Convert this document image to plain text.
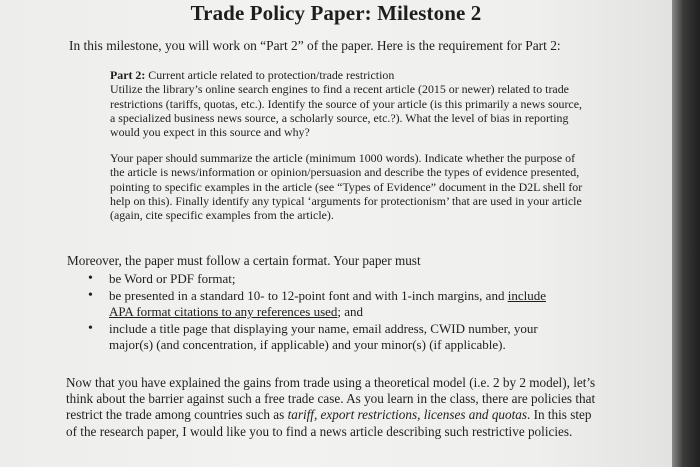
Trade Policy Paper: Milestone 2
In this milestone, you will work on “Part 2” of the paper. Here is the requirement for Part 2:
Part 2: Current article related to protection/trade restriction
Utilize the library’s online search engines to find a recent article (2015 or newer) related to trade restrictions (tariffs, quotas, etc.). Identify the source of your article (is this primarily a news source, a specialized business news source, a scholarly source, etc.?). What the level of bias in reporting would you expect in this source and why?
Your paper should summarize the article (minimum 1000 words). Indicate whether the purpose of the article is news/information or opinion/persuasion and describe the types of evidence presented, pointing to specific examples in the article (see “Types of Evidence” document in the D2L shell for help on this). Finally identify any typical ‘arguments for protectionism’ that are used in your article (again, cite specific examples from the article).
Moreover, the paper must follow a certain format. Your paper must
• be Word or PDF format;
• be presented in a standard 10- to 12-point font and with 1-inch margins, and include APA format citations to any references used; and
• include a title page that displaying your name, email address, CWID number, your major(s) (and concentration, if applicable) and your minor(s) (if applicable).
Now that you have explained the gains from trade using a theoretical model (i.e. 2 by 2 model), let’s think about the barrier against such a free trade case. As you learn in the class, there are policies that restrict the trade among countries such as tariff, export restrictions, licenses and quotas. In this step of the research paper, I would like you to find a news article describing such restrictive policies.
